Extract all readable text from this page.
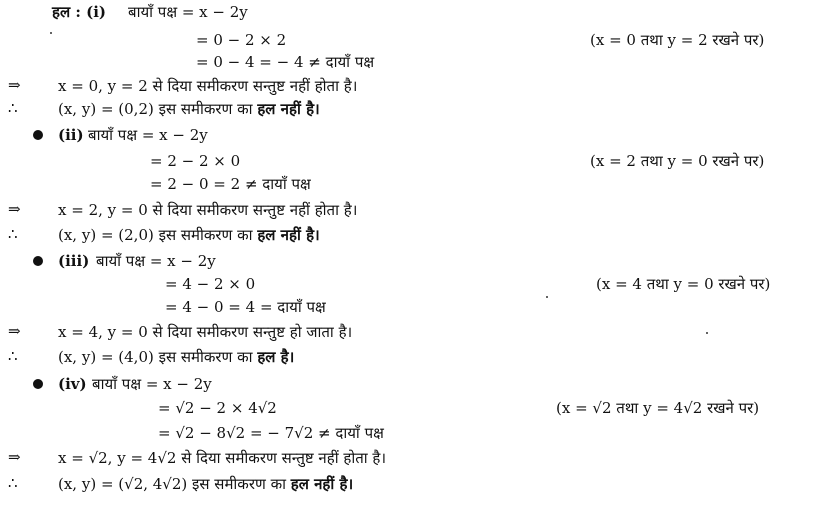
हल : (i) बायाँ पक्ष = x − 2y
= 0 − 2 × 2	(x = 0 तथा y = 2 रखने पर)
= 0 − 4 = − 4 ≠ दायाँ पक्ष
⇒ x = 0, y = 2 से दिया समीकरण सन्तुष्ट नहीं होता है।
∴	(x, y) = (0,2) इस समीकरण का हल नहीं है।
(ii) बायाँ पक्ष = x − 2y
= 2 − 2 × 0	(x = 2 तथा y = 0 रखने पर)
= 2 − 0 = 2 ≠ दायाँ पक्ष
⇒ x = 2, y = 0 से दिया समीकरण सन्तुष्ट नहीं होता है।
∴	(x, y) = (2,0) इस समीकरण का हल नहीं है।
(iii) बायाँ पक्ष = x − 2y
= 4 − 2 × 0	(x = 4 तथा y = 0 रखने पर)
= 4 − 0 = 4 = दायाँ पक्ष
⇒ x = 4, y = 0 से दिया समीकरण सन्तुष्ट हो जाता है।
∴	(x, y) = (4,0) इस समीकरण का हल है।
(iv) बायाँ पक्ष = x − 2y
= √2 − 2 × 4√2	(x = √2 तथा y = 4√2 रखने पर)
= √2 − 8√2 = − 7√2 ≠ दायाँ पक्ष
⇒ x = √2, y = 4√2 से दिया समीकरण सन्तुष्ट नहीं होता है।
∴	(x, y) = (√2, 4√2) इस समीकरण का हल नहीं है।
